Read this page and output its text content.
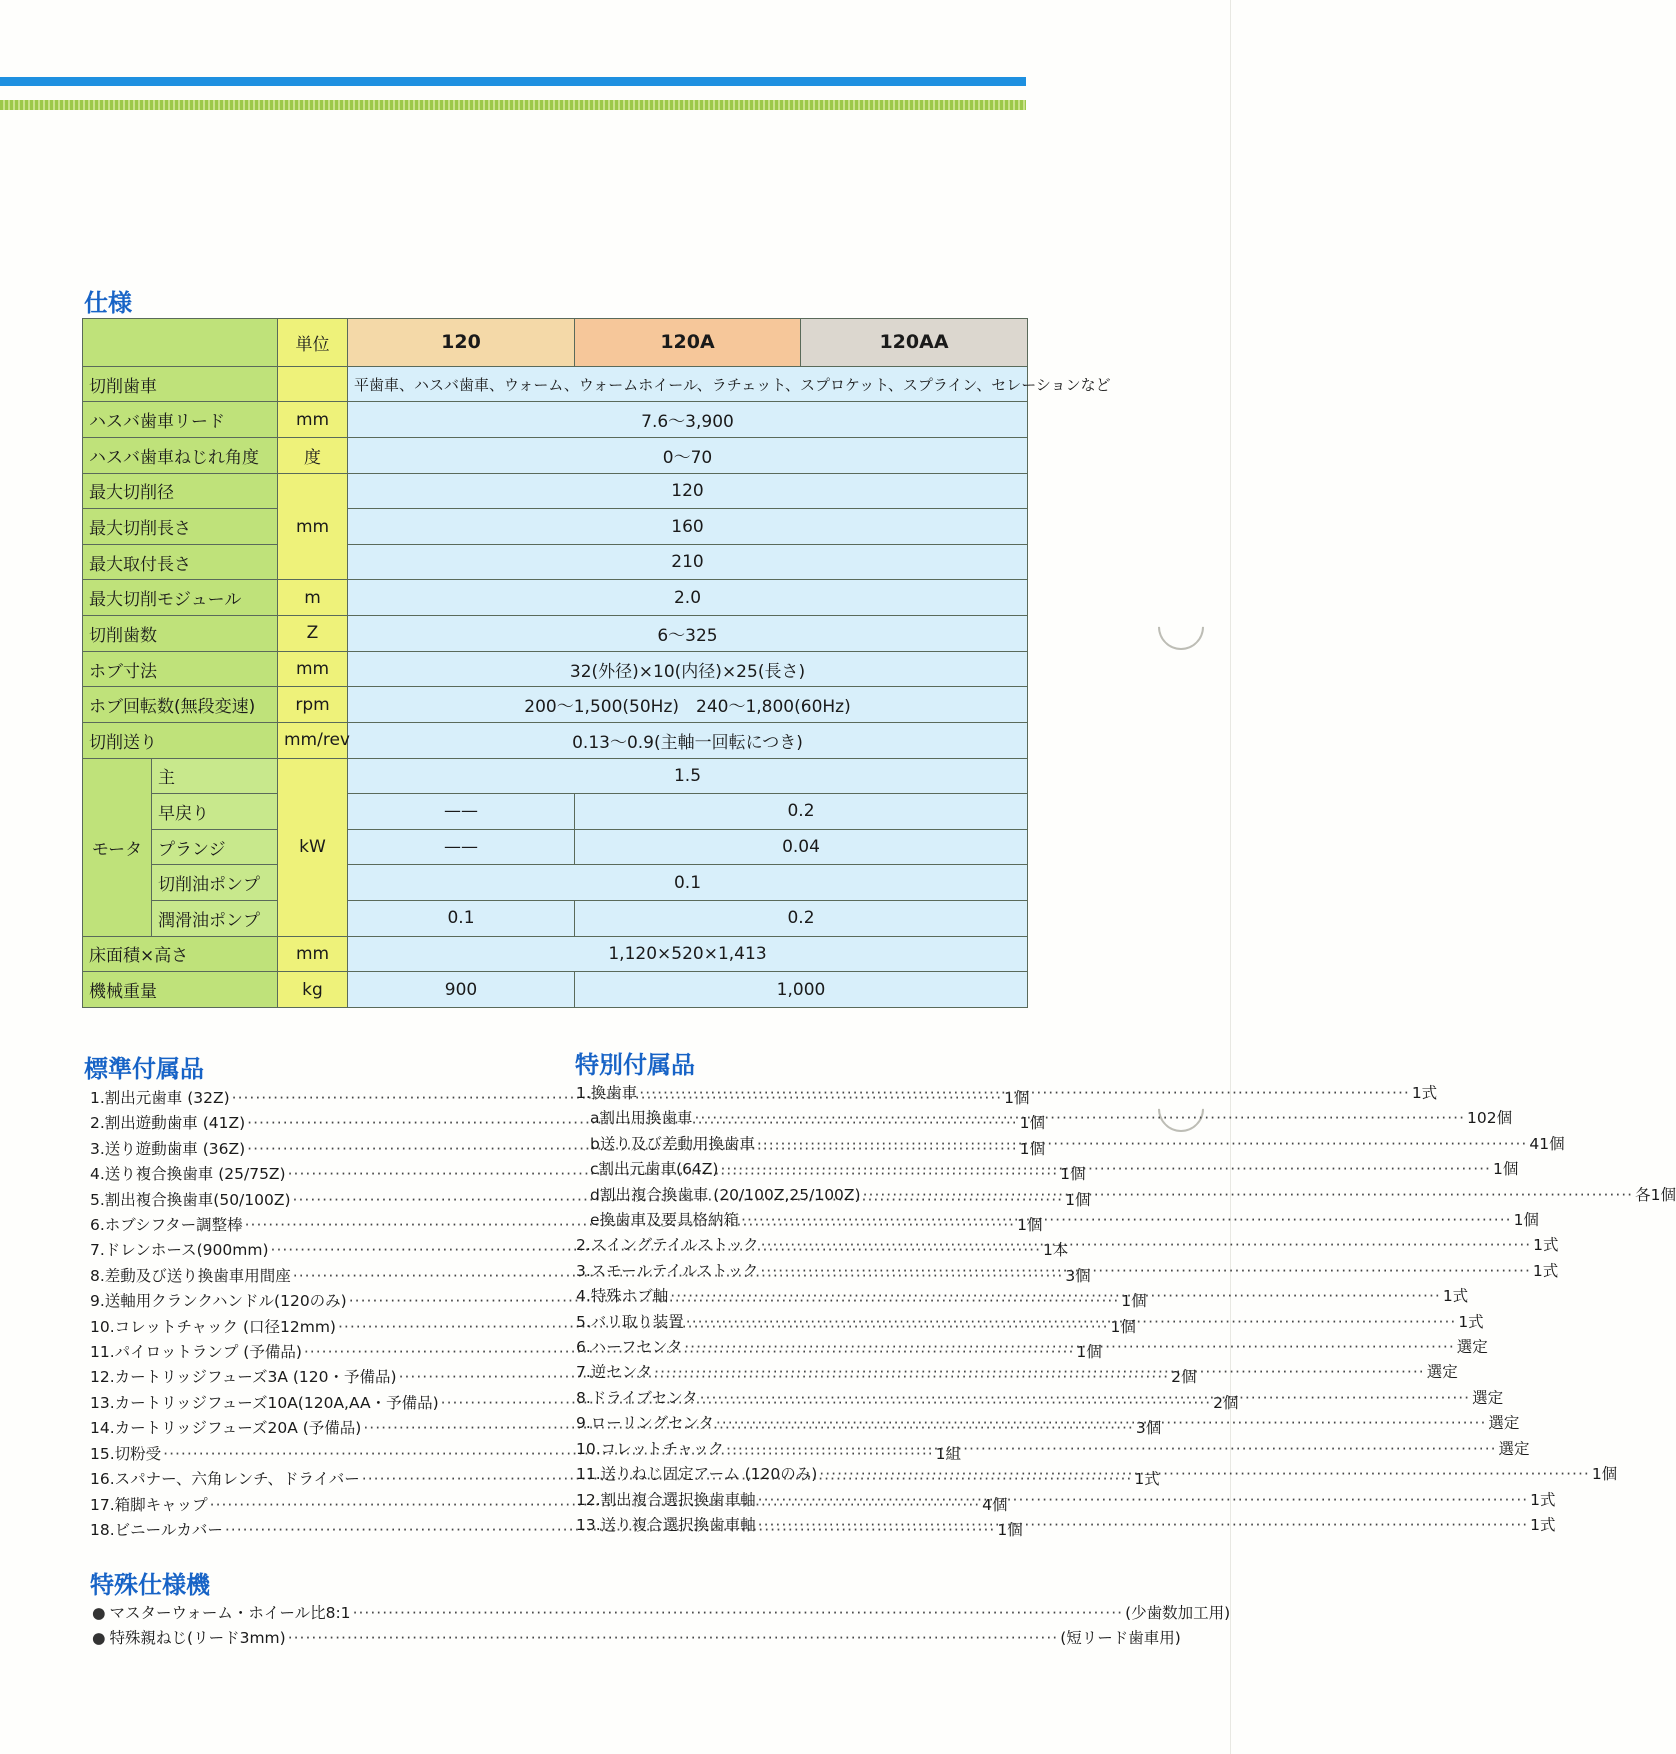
仕様
		単位	120	120A	120AA
切削歯車			平歯車、ハスバ歯車、ウォーム、ウォームホイール、ラチェット、スプロケット、スプライン、セレーションなど		
ハスバ歯車リード		mm	7.6〜3,900		
ハスバ歯車ねじれ角度		度	0〜70		
最大切削径		mm	120		
最大切削長さ			160		
最大取付長さ			210		
最大切削モジュール		m	2.0		
切削歯数		Z	6〜325		
ホブ寸法		mm	32(外径)×10(内径)×25(長さ)		
ホブ回転数(無段変速)		rpm	200〜1,500(50Hz)　240〜1,800(60Hz)		
切削送り		mm/rev	0.13〜0.9(主軸一回転につき)		
モータ	主	kW	1.5		
	早戻り		——	0.2	
	プランジ		——	0.04	
	切削油ポンプ		0.1		
	潤滑油ポンプ		0.1	0.2	
床面積×高さ		mm	1,120×520×1,413		
機械重量		kg	900	1,000	
標準付属品
1.割出元歯車 (32Z) ·····	1個
2.割出遊動歯車 (41Z) ·····	1個
3.送り遊動歯車 (36Z) ·····	1個
4.送り複合換歯車 (25/75Z) ·····	1個
5.割出複合換歯車(50/100Z) ·····	1個
6.ホブシフター調整棒 ·····	1個
7.ドレンホース(900mm) ·····	1本
8.差動及び送り換歯車用間座 ·····	3個
9.送軸用クランクハンドル(120のみ) ·····	1個
10.コレットチャック (口径12mm) ·····	1個
11.パイロットランプ (予備品) ·····	1個
12.カートリッジフューズ3A (120・予備品) ·····	2個
13.カートリッジフューズ10A(120A,AA・予備品) ·····	2個
14.カートリッジフューズ20A (予備品) ·····	3個
15.切粉受 ·····	1組
16.スパナー、六角レンチ、ドライバー ·····	1式
17.箱脚キャップ ·····	4個
18.ビニールカバー ·····	1個
特別付属品
1.換歯車 ·····	1式
a割出用換歯車 ·····	102個
b送り及び差動用換歯車 ·····	41個
c割出元歯車(64Z) ·····	1個
d割出複合換歯車 (20/100Z,25/100Z) ·····	各1個
e換歯車及要具格納箱 ·····	1個
2.スイングテイルストック ·····	1式
3.スモールテイルストック ·····	1式
4.特殊ホブ軸 ·····	1式
5.バリ取り装置 ·····	1式
6.ハーフセンタ ·····	選定
7.逆センタ ·····	選定
8.ドライブセンタ ·····	選定
9.ローリングセンタ ·····	選定
10.コレットチャック ·····	選定
11.送りねじ固定アーム (120のみ) ·····	1個
12.割出複合選択換歯車軸 ·····	1式
13.送り複合選択換歯車軸 ·····	1式
特殊仕様機
● マスターウォーム・ホイール比8:1 ·····	(少歯数加工用)
● 特殊親ねじ(リード3mm) ·····	(短リード歯車用)
